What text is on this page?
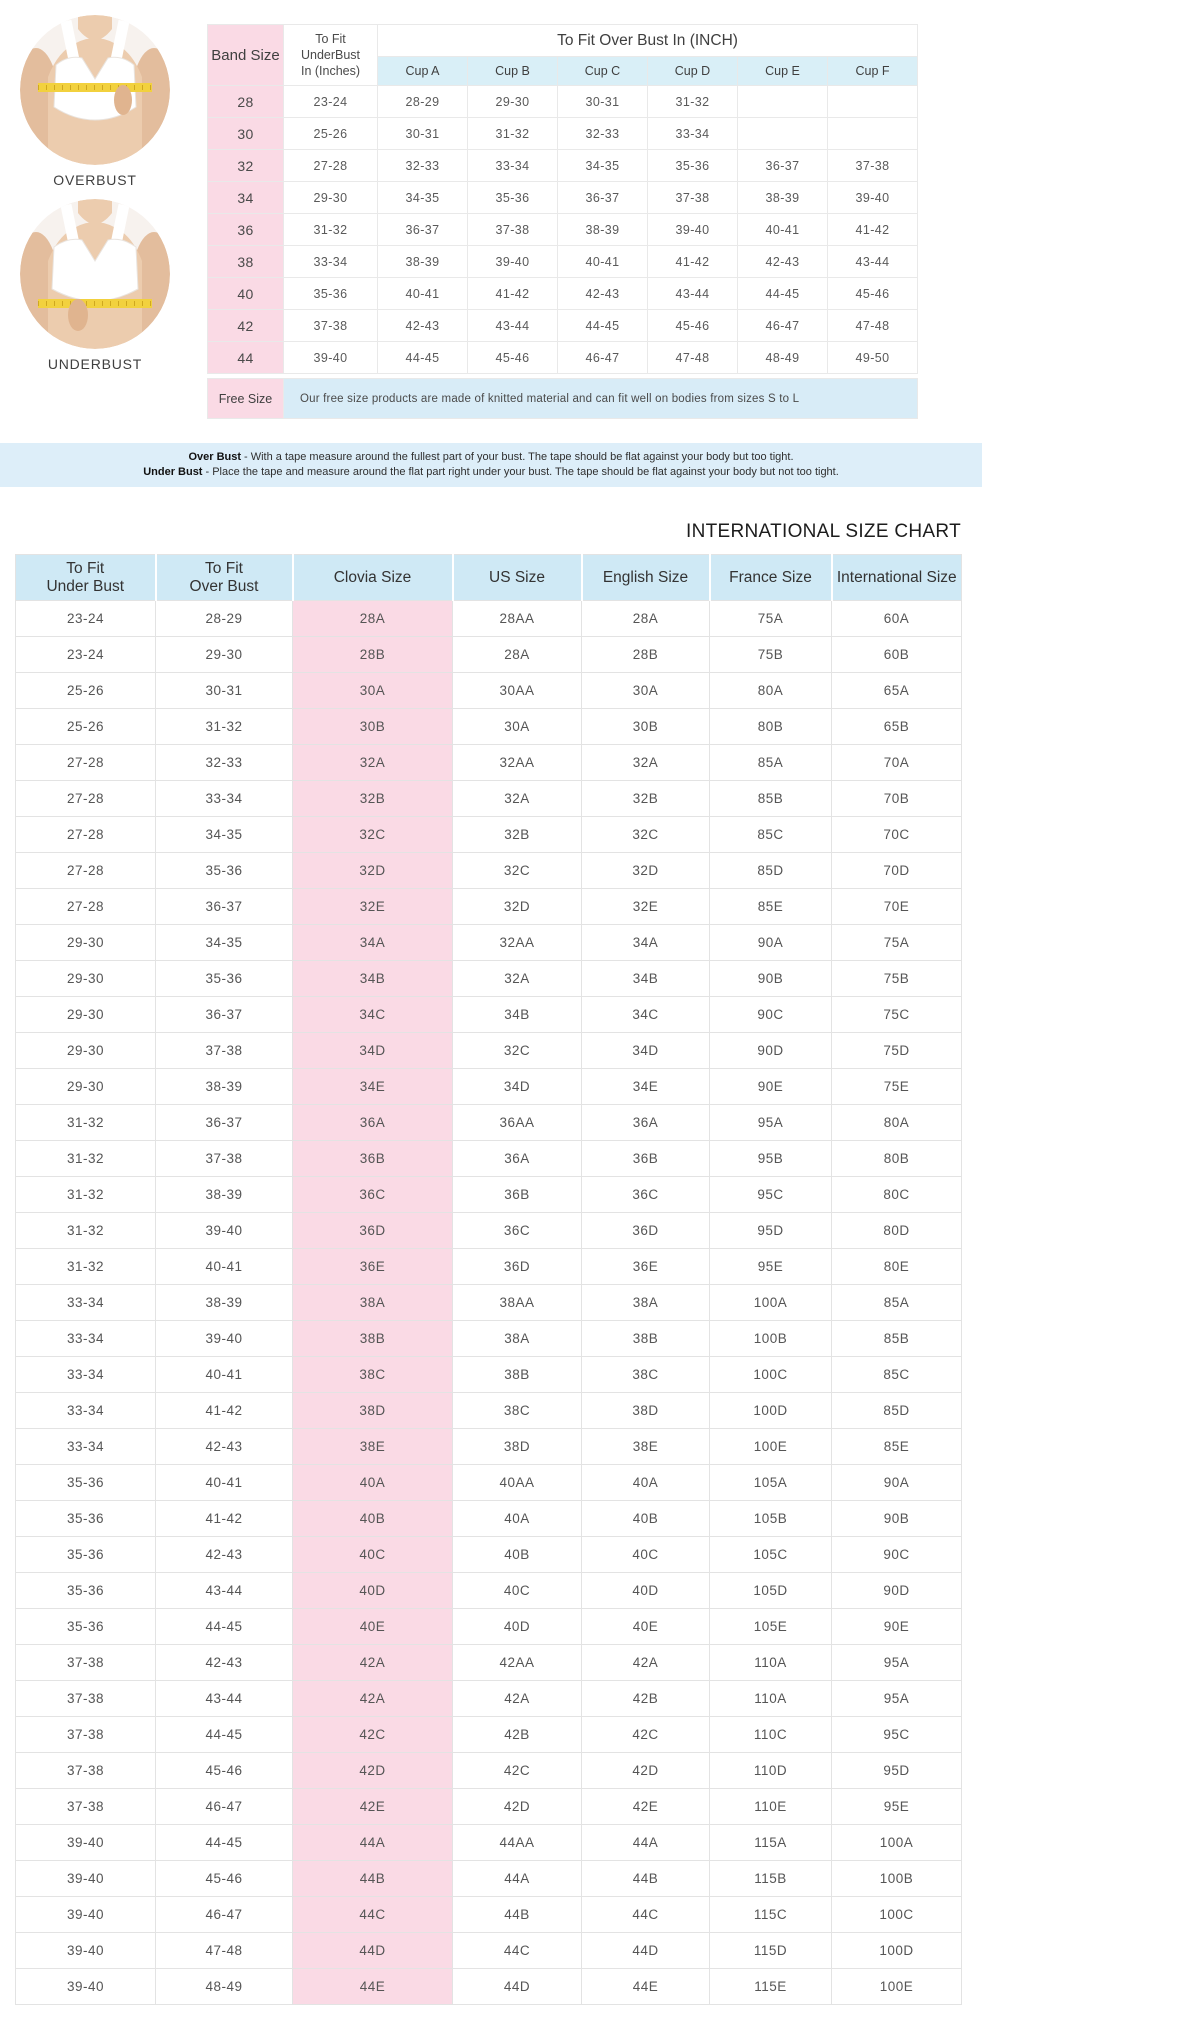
OVERBUST
UNDERBUST
Band Size	To Fit
UnderBust
In (Inches)	To Fit Over Bust In (INCH)					
		Cup A	Cup B	Cup C	Cup D	Cup E	Cup F
28	23-24	28-29	29-30	30-31	31-32		
30	25-26	30-31	31-32	32-33	33-34		
32	27-28	32-33	33-34	34-35	35-36	36-37	37-38
34	29-30	34-35	35-36	36-37	37-38	38-39	39-40
36	31-32	36-37	37-38	38-39	39-40	40-41	41-42
38	33-34	38-39	39-40	40-41	41-42	42-43	43-44
40	35-36	40-41	41-42	42-43	43-44	44-45	45-46
42	37-38	42-43	43-44	44-45	45-46	46-47	47-48
44	39-40	44-45	45-46	46-47	47-48	48-49	49-50

Free Size	Our free size products are made of knitted material and can fit well on bodies from sizes S to L						
Over Bust - With a tape measure around the fullest part of your bust. The tape should be flat against your body but too tight.
Under Bust - Place the tape and measure around the flat part right under your bust. The tape should be flat against your body but not too tight.
INTERNATIONAL SIZE CHART
To Fit
Under Bust	To Fit
Over Bust	Clovia Size	US Size	English Size	France Size	International Size

23-24	28-29	28A	28AA	28A	75A	60A
23-24	29-30	28B	28A	28B	75B	60B
25-26	30-31	30A	30AA	30A	80A	65A
25-26	31-32	30B	30A	30B	80B	65B
27-28	32-33	32A	32AA	32A	85A	70A
27-28	33-34	32B	32A	32B	85B	70B
27-28	34-35	32C	32B	32C	85C	70C
27-28	35-36	32D	32C	32D	85D	70D
27-28	36-37	32E	32D	32E	85E	70E
29-30	34-35	34A	32AA	34A	90A	75A
29-30	35-36	34B	32A	34B	90B	75B
29-30	36-37	34C	34B	34C	90C	75C
29-30	37-38	34D	32C	34D	90D	75D
29-30	38-39	34E	34D	34E	90E	75E
31-32	36-37	36A	36AA	36A	95A	80A
31-32	37-38	36B	36A	36B	95B	80B
31-32	38-39	36C	36B	36C	95C	80C
31-32	39-40	36D	36C	36D	95D	80D
31-32	40-41	36E	36D	36E	95E	80E
33-34	38-39	38A	38AA	38A	100A	85A
33-34	39-40	38B	38A	38B	100B	85B
33-34	40-41	38C	38B	38C	100C	85C
33-34	41-42	38D	38C	38D	100D	85D
33-34	42-43	38E	38D	38E	100E	85E
35-36	40-41	40A	40AA	40A	105A	90A
35-36	41-42	40B	40A	40B	105B	90B
35-36	42-43	40C	40B	40C	105C	90C
35-36	43-44	40D	40C	40D	105D	90D
35-36	44-45	40E	40D	40E	105E	90E
37-38	42-43	42A	42AA	42A	110A	95A
37-38	43-44	42A	42A	42B	110A	95A
37-38	44-45	42C	42B	42C	110C	95C
37-38	45-46	42D	42C	42D	110D	95D
37-38	46-47	42E	42D	42E	110E	95E
39-40	44-45	44A	44AA	44A	115A	100A
39-40	45-46	44B	44A	44B	115B	100B
39-40	46-47	44C	44B	44C	115C	100C
39-40	47-48	44D	44C	44D	115D	100D
39-40	48-49	44E	44D	44E	115E	100E
